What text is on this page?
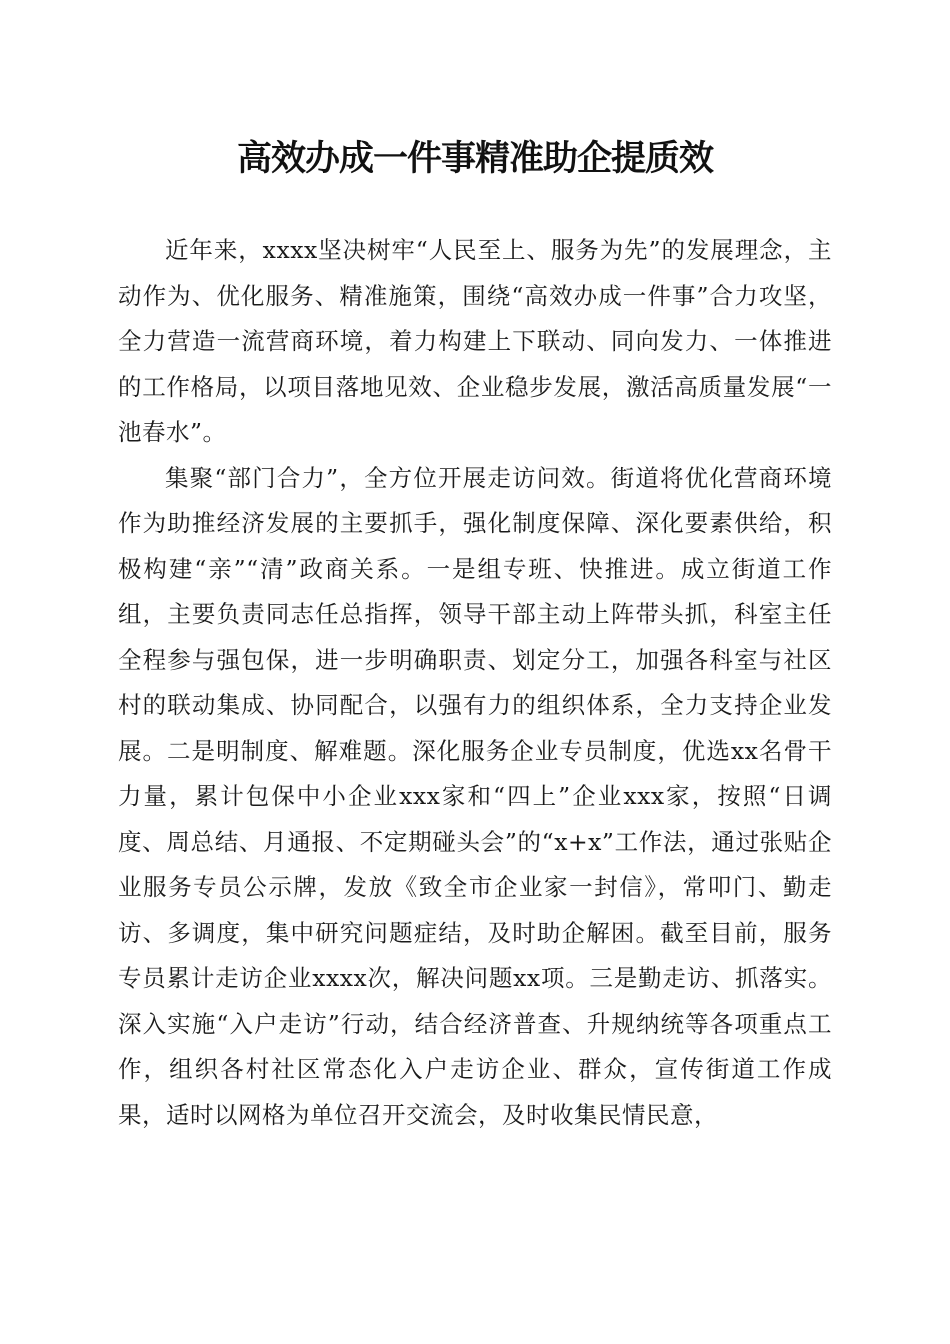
高效办成一件事精准助企提质效

近年来，xxxx坚决树牢“人民至上、服务为先”的发展理念，主动作为、优化服务、精准施策，围绕“高效办成一件事”合力攻坚，全力营造一流营商环境，着力构建上下联动、同向发力、一体推进的工作格局，以项目落地见效、企业稳步发展，激活高质量发展“一池春水”。

集聚“部门合力”，全方位开展走访问效。街道将优化营商环境作为助推经济发展的主要抓手，强化制度保障、深化要素供给，积极构建“亲”“清”政商关系。一是组专班、快推进。成立街道工作组，主要负责同志任总指挥，领导干部主动上阵带头抓，科室主任全程参与强包保，进一步明确职责、划定分工，加强各科室与社区村的联动集成、协同配合，以强有力的组织体系，全力支持企业发展。二是明制度、解难题。深化服务企业专员制度，优选xx名骨干力量，累计包保中小企业xxx家和“四上”企业xxx家，按照“日调度、周总结、月通报、不定期碰头会”的“x+x”工作法，通过张贴企业服务专员公示牌，发放《致全市企业家一封信》，常叩门、勤走访、多调度，集中研究问题症结，及时助企解困。截至目前，服务专员累计走访企业xxxx次，解决问题xx项。三是勤走访、抓落实。深入实施“入户走访”行动，结合经济普查、升规纳统等各项重点工作，组织各村社区常态化入户走访企业、群众，宣传街道工作成果，适时以网格为单位召开交流会，及时收集民情民意，
